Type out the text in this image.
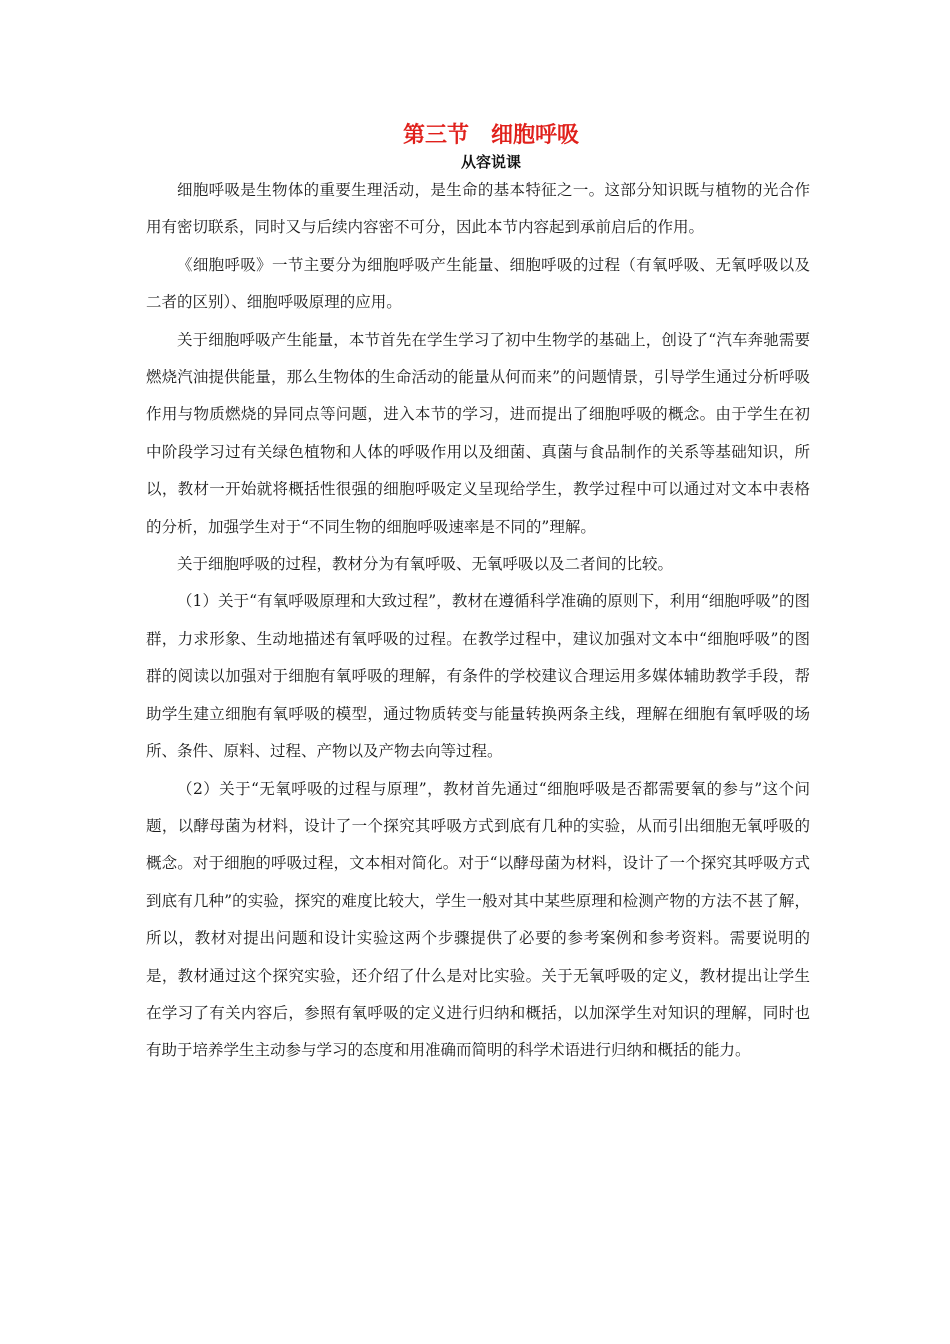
第三节　细胞呼吸
从容说课

细胞呼吸是生物体的重要生理活动，是生命的基本特征之一。这部分知识既与植物的光合作用有密切联系，同时又与后续内容密不可分，因此本节内容起到承前启后的作用。

《细胞呼吸》一节主要分为细胞呼吸产生能量、细胞呼吸的过程（有氧呼吸、无氧呼吸以及二者的区别）、细胞呼吸原理的应用。

关于细胞呼吸产生能量，本节首先在学生学习了初中生物学的基础上，创设了“汽车奔驰需要燃烧汽油提供能量，那么生物体的生命活动的能量从何而来”的问题情景，引导学生通过分析呼吸作用与物质燃烧的异同点等问题，进入本节的学习，进而提出了细胞呼吸的概念。由于学生在初中阶段学习过有关绿色植物和人体的呼吸作用以及细菌、真菌与食品制作的关系等基础知识，所以，教材一开始就将概括性很强的细胞呼吸定义呈现给学生，教学过程中可以通过对文本中表格的分析，加强学生对于“不同生物的细胞呼吸速率是不同的”理解。

关于细胞呼吸的过程，教材分为有氧呼吸、无氧呼吸以及二者间的比较。

（1）关于“有氧呼吸原理和大致过程”，教材在遵循科学准确的原则下，利用“细胞呼吸”的图群，力求形象、生动地描述有氧呼吸的过程。在教学过程中，建议加强对文本中“细胞呼吸”的图群的阅读以加强对于细胞有氧呼吸的理解，有条件的学校建议合理运用多媒体辅助教学手段，帮助学生建立细胞有氧呼吸的模型，通过物质转变与能量转换两条主线，理解在细胞有氧呼吸的场所、条件、原料、过程、产物以及产物去向等过程。

（2）关于“无氧呼吸的过程与原理”，教材首先通过“细胞呼吸是否都需要氧的参与”这个问题，以酵母菌为材料，设计了一个探究其呼吸方式到底有几种的实验，从而引出细胞无氧呼吸的概念。对于细胞的呼吸过程，文本相对简化。对于“以酵母菌为材料，设计了一个探究其呼吸方式到底有几种”的实验，探究的难度比较大，学生一般对其中某些原理和检测产物的方法不甚了解，所以，教材对提出问题和设计实验这两个步骤提供了必要的参考案例和参考资料。需要说明的是，教材通过这个探究实验，还介绍了什么是对比实验。关于无氧呼吸的定义，教材提出让学生在学习了有关内容后，参照有氧呼吸的定义进行归纳和概括，以加深学生对知识的理解，同时也有助于培养学生主动参与学习的态度和用准确而简明的科学术语进行归纳和概括的能力。
